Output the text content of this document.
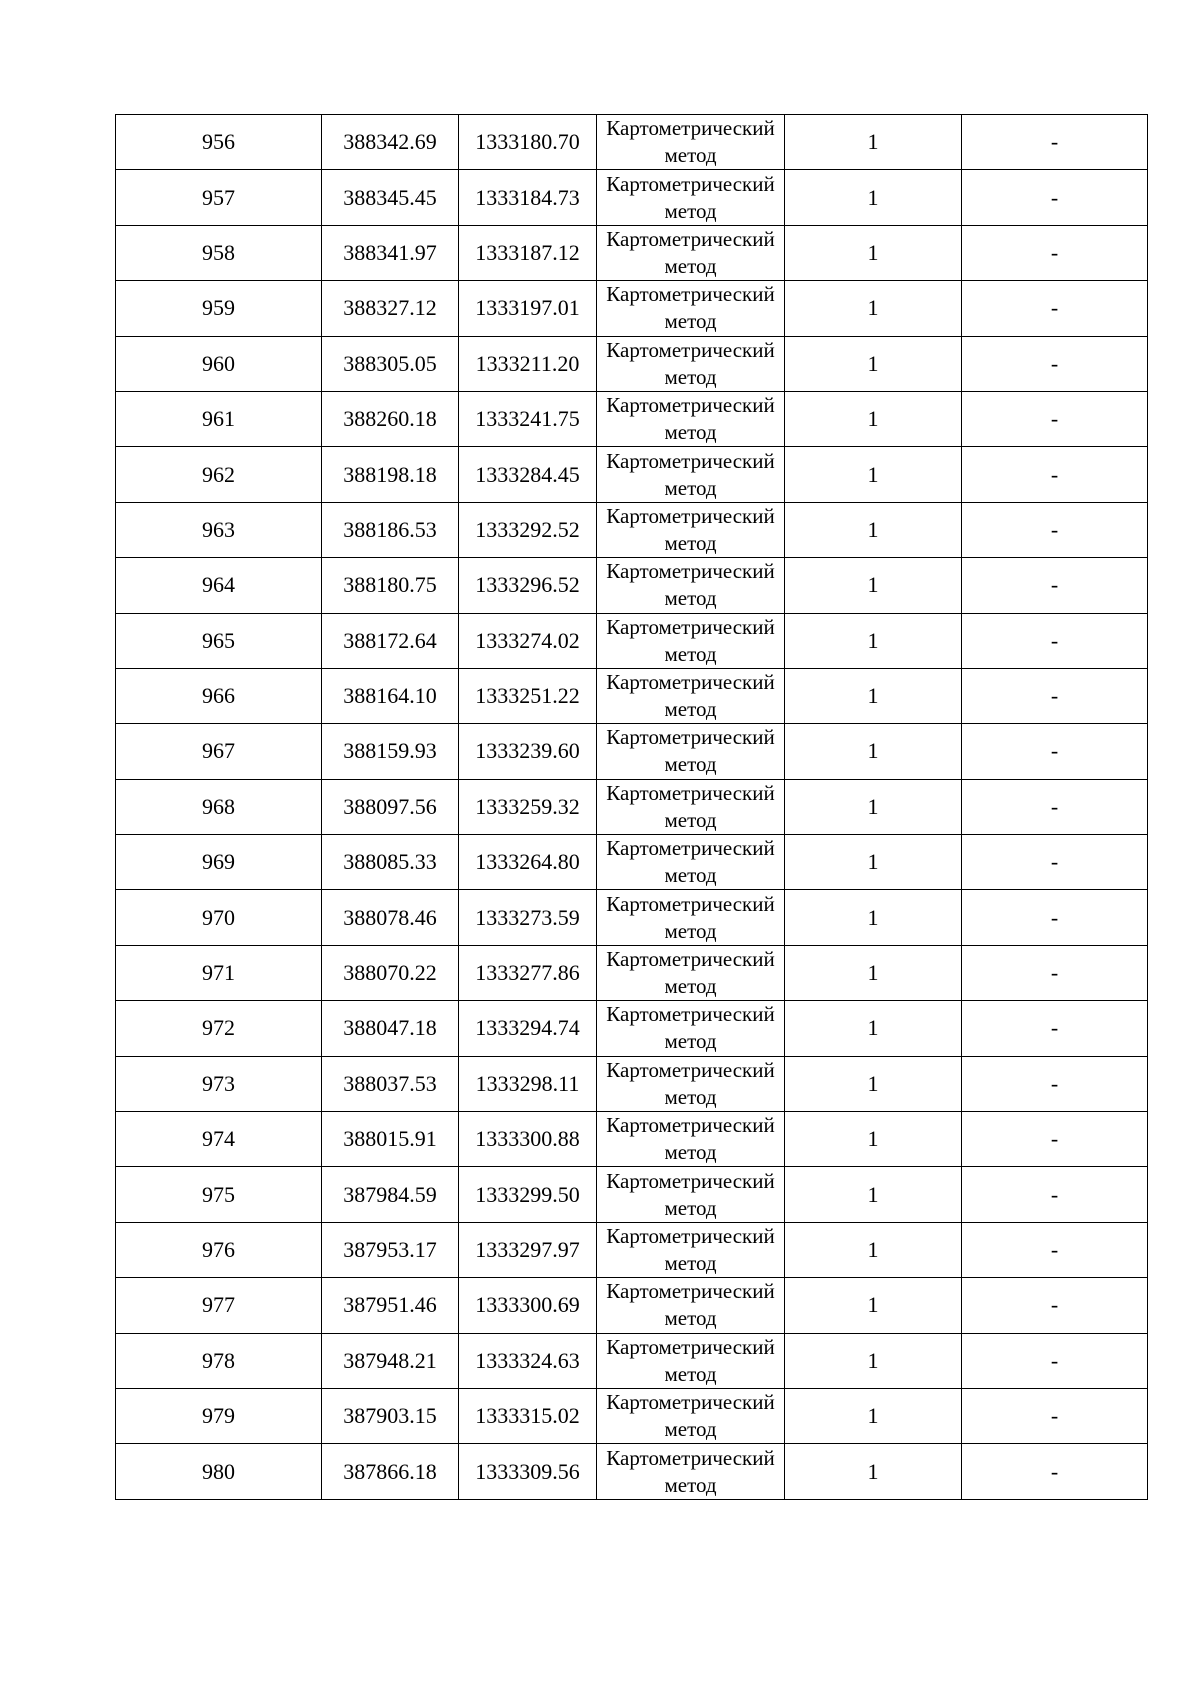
956	388342.69	1333180.70	Картометрический метод	1	-
957	388345.45	1333184.73	Картометрический метод	1	-
958	388341.97	1333187.12	Картометрический метод	1	-
959	388327.12	1333197.01	Картометрический метод	1	-
960	388305.05	1333211.20	Картометрический метод	1	-
961	388260.18	1333241.75	Картометрический метод	1	-
962	388198.18	1333284.45	Картометрический метод	1	-
963	388186.53	1333292.52	Картометрический метод	1	-
964	388180.75	1333296.52	Картометрический метод	1	-
965	388172.64	1333274.02	Картометрический метод	1	-
966	388164.10	1333251.22	Картометрический метод	1	-
967	388159.93	1333239.60	Картометрический метод	1	-
968	388097.56	1333259.32	Картометрический метод	1	-
969	388085.33	1333264.80	Картометрический метод	1	-
970	388078.46	1333273.59	Картометрический метод	1	-
971	388070.22	1333277.86	Картометрический метод	1	-
972	388047.18	1333294.74	Картометрический метод	1	-
973	388037.53	1333298.11	Картометрический метод	1	-
974	388015.91	1333300.88	Картометрический метод	1	-
975	387984.59	1333299.50	Картометрический метод	1	-
976	387953.17	1333297.97	Картометрический метод	1	-
977	387951.46	1333300.69	Картометрический метод	1	-
978	387948.21	1333324.63	Картометрический метод	1	-
979	387903.15	1333315.02	Картометрический метод	1	-
980	387866.18	1333309.56	Картометрический метод	1	-
